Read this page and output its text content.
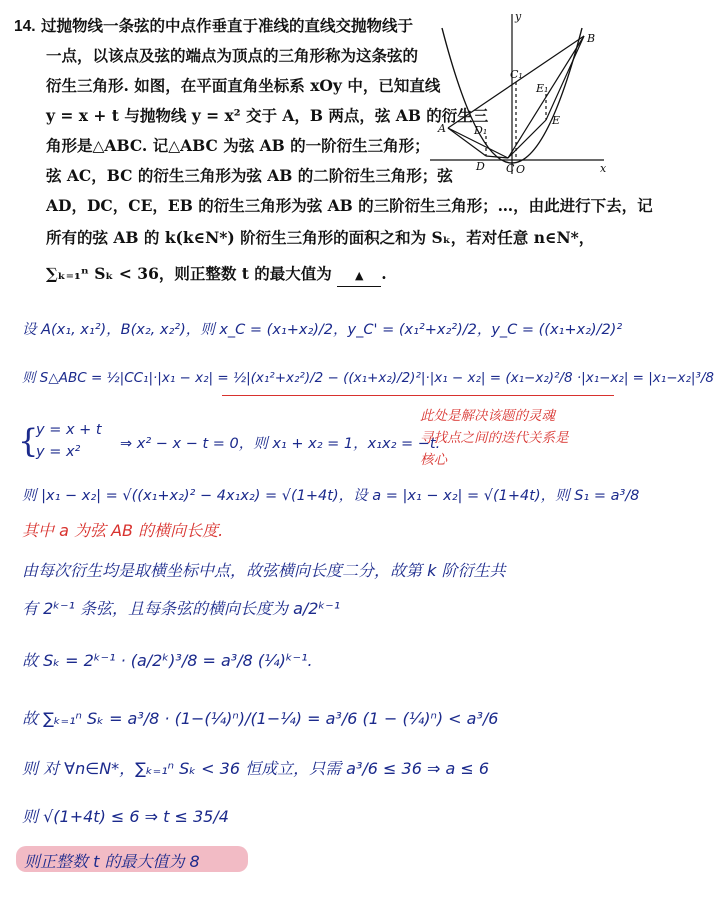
14. 过抛物线一条弦的中点作垂直于准线的直线交抛物线于
一点，以该点及弦的端点为顶点的三角形称为这条弦的
衍生三角形. 如图，在平面直角坐标系 xOy 中，已知直线
y = x + t 与抛物线 y = x² 交于 A，B 两点，弦 AB 的衍生三
角形是△ABC. 记△ABC 为弦 AB 的一阶衍生三角形；
弦 AC，BC 的衍生三角形为弦 AB 的二阶衍生三角形；弦
AD，DC，CE，EB 的衍生三角形为弦 AB 的三阶衍生三角形；…，由此进行下去，记
所有的弦 AB 的 k(k∈N*) 阶衍生三角形的面积之和为 Sₖ，若对任意 n∈N*，
∑ₖ₌₁ⁿ Sₖ < 36，则正整数 t 的最大值为 ▲ .
y
x
O
A
B
C
C₁
D
D₁
E
E₁
设 A(x₁, x₁²)，B(x₂, x₂²)，则 x_C = (x₁+x₂)/2，y_C' = (x₁²+x₂²)/2，y_C = ((x₁+x₂)/2)²
则 S△ABC = ½|CC₁|·|x₁ − x₂| = ½|(x₁²+x₂²)/2 − ((x₁+x₂)/2)²|·|x₁ − x₂| = (x₁−x₂)²/8 ·|x₁−x₂| = |x₁−x₂|³/8
{
y = x + t
y = x²	⇒ x² − x − t = 0，则 x₁ + x₂ = 1，x₁x₂ = −t.
此处是解决该题的灵魂
寻找点之间的迭代关系是
核心
则 |x₁ − x₂| = √((x₁+x₂)² − 4x₁x₂) = √(1+4t)，设 a = |x₁ − x₂| = √(1+4t)，则 S₁ = a³/8
其中 a 为弦 AB 的横向长度.
由每次衍生均是取横坐标中点，故弦横向长度二分，故第 k 阶衍生共
有 2ᵏ⁻¹ 条弦，且每条弦的横向长度为 a/2ᵏ⁻¹
故 Sₖ = 2ᵏ⁻¹ · (a/2ᵏ)³/8 = a³/8 (¼)ᵏ⁻¹.
故 ∑ₖ₌₁ⁿ Sₖ = a³/8 · (1−(¼)ⁿ)/(1−¼) = a³/6 (1 − (¼)ⁿ) < a³/6
则 对 ∀n∈N*，∑ₖ₌₁ⁿ Sₖ < 36 恒成立，只需 a³/6 ≤ 36 ⇒ a ≤ 6
则 √(1+4t) ≤ 6 ⇒ t ≤ 35/4
则正整数 t 的最大值为 8
